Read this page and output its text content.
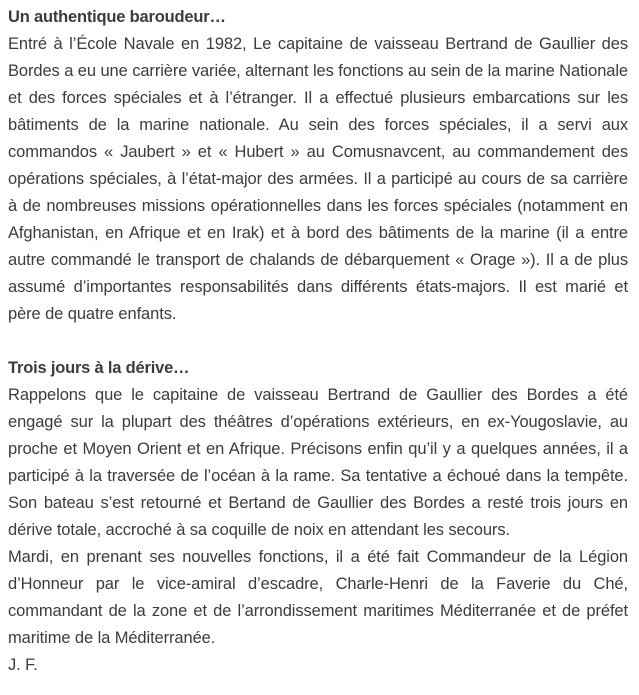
Un authentique baroudeur…

Entré à l’École Navale en 1982, Le capitaine de vaisseau Bertrand de Gaullier des Bordes a eu une carrière variée, alternant les fonctions au sein de la marine Nationale et des forces spéciales et à l’étranger. Il a effectué plusieurs embarcations sur les bâtiments de la marine nationale. Au sein des forces spéciales, il a servi aux commandos « Jaubert » et « Hubert » au Comusnavcent, au commandement des opérations spéciales, à l’état-major des armées. Il a participé au cours de sa carrière à de nombreuses missions opérationnelles dans les forces spéciales (notamment en Afghanistan, en Afrique et en Irak) et à bord des bâtiments de la marine (il a entre autre commandé le transport de chalands de débarquement « Orage »). Il a de plus assumé d’importantes responsabilités dans différents états-majors. Il est marié et père de quatre enfants.

Trois jours à la dérive…

Rappelons que le capitaine de vaisseau Bertrand de Gaullier des Bordes a été engagé sur la plupart des théâtres d’opérations extérieurs, en ex-Yougoslavie, au proche et Moyen Orient et en Afrique. Précisons enfin qu’il y a quelques années, il a participé à la traversée de l’océan à la rame. Sa tentative a échoué dans la tempête. Son bateau s’est retourné et Bertand de Gaullier des Bordes a resté trois jours en dérive totale, accroché à sa coquille de noix en attendant les secours.

Mardi, en prenant ses nouvelles fonctions, il a été fait Commandeur de la Légion d’Honneur par le vice-amiral d’escadre, Charle-Henri de la Faverie du Ché, commandant de la zone et de l’arrondissement maritimes Méditerranée et de préfet maritime de la Méditerranée.

J. F.
